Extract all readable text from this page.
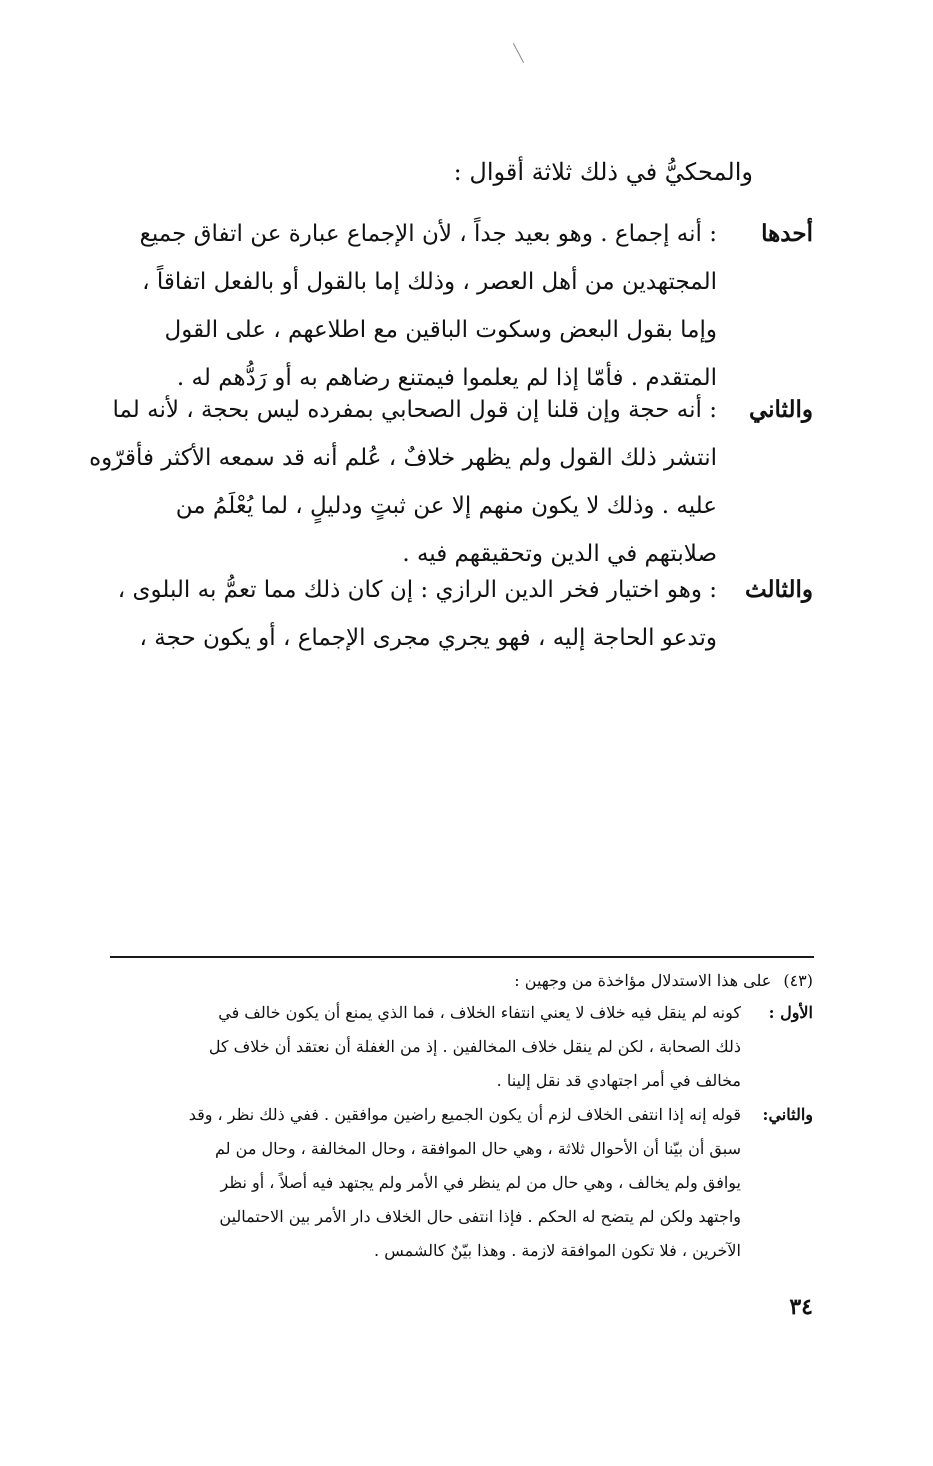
والمحكيُّ في ذلك ثلاثة أقوال :
أحدها
: أنه إجماع . وهو بعيد جداً ، لأن الإجماع عبارة عن اتفاق جميع
المجتهدين من أهل العصر ، وذلك إما بالقول أو بالفعل اتفاقاً ،
وإما بقول البعض وسكوت الباقين مع اطلاعهم ، على القول
المتقدم . فأمّا إذا لم يعلموا فيمتنع رضاهم به أو رَدُّهم له .
والثاني
: أنه حجة وإن قلنا إن قول الصحابي بمفرده ليس بحجة ، لأنه لما
انتشر ذلك القول ولم يظهر خلافٌ ، عُلم أنه قد سمعه الأكثر فأقرّوه
عليه . وذلك لا يكون منهم إلا عن ثبتٍ ودليلٍ ، لما يُعْلَمُ من
صلابتهم في الدين وتحقيقهم فيه .
والثالث
: وهو اختيار فخر الدين الرازي : إن كان ذلك مما تعمُّ به البلوى ،
وتدعو الحاجة إليه ، فهو يجري مجرى الإجماع ، أو يكون حجة ،
(٤٣)على هذا الاستدلال مؤاخذة من وجهين :
الأول :
كونه لم ينقل فيه خلاف لا يعني انتفاء الخلاف ، فما الذي يمنع أن يكون خالف في
ذلك الصحابة ، لكن لم ينقل خلاف المخالفين . إذ من الغفلة أن نعتقد أن خلاف كل
مخالف في أمر اجتهادي قد نقل إلينا .
والثاني:
قوله إنه إذا انتفى الخلاف لزم أن يكون الجميع راضين موافقين . ففي ذلك نظر ، وقد
سبق أن بيّنا أن الأحوال ثلاثة ، وهي حال الموافقة ، وحال المخالفة ، وحال من لم
يوافق ولم يخالف ، وهي حال من لم ينظر في الأمر ولم يجتهد فيه أصلاً ، أو نظر
واجتهد ولكن لم يتضح له الحكم . فإذا انتفى حال الخلاف دار الأمر بين الاحتمالين
الآخرين ، فلا تكون الموافقة لازمة . وهذا بيّنٌ كالشمس .
٣٤
